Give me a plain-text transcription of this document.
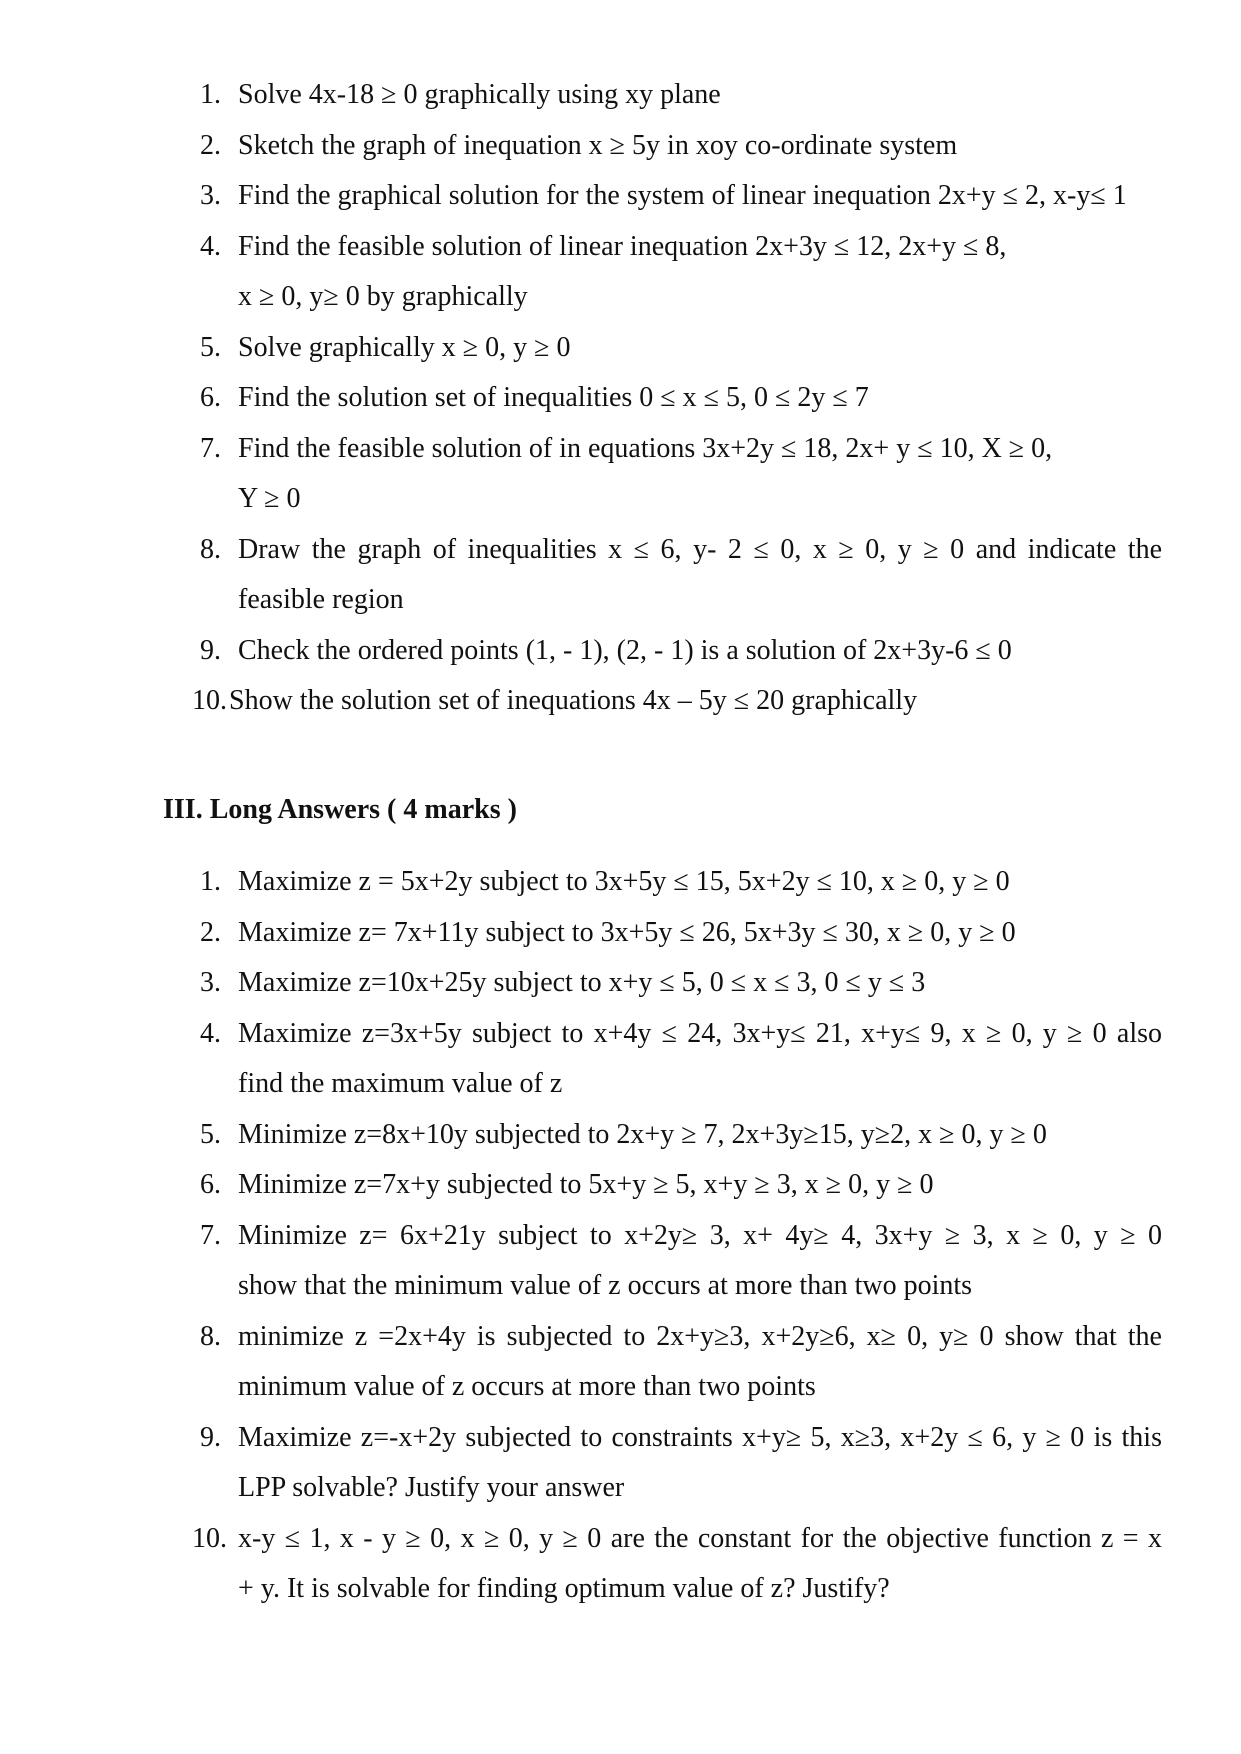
1. Solve 4x-18 ≥ 0 graphically using xy plane
2. Sketch the graph of inequation x ≥ 5y in xoy co-ordinate system
3. Find the graphical solution for the system of linear inequation 2x+y ≤ 2, x-y≤ 1
4. Find the feasible solution of linear inequation 2x+3y ≤ 12, 2x+y ≤ 8,
x ≥ 0, y≥ 0 by graphically
5. Solve graphically x ≥ 0, y ≥ 0
6. Find the solution set of inequalities 0 ≤ x ≤ 5, 0 ≤ 2y ≤ 7
7. Find the feasible solution of in equations 3x+2y ≤ 18, 2x+ y ≤ 10, X ≥ 0,
Y ≥ 0
8. Draw the graph of inequalities x ≤ 6, y- 2 ≤ 0, x ≥ 0, y ≥ 0 and indicate the
feasible region
9. Check the ordered points (1, - 1), (2, - 1) is a solution of 2x+3y-6 ≤ 0
10. Show the solution set of inequations 4x – 5y ≤ 20 graphically
III. Long Answers ( 4 marks )
1. Maximize z = 5x+2y subject to 3x+5y ≤ 15, 5x+2y ≤ 10, x ≥ 0, y ≥ 0
2. Maximize z= 7x+11y subject to 3x+5y ≤ 26, 5x+3y ≤ 30, x ≥ 0, y ≥ 0
3. Maximize z=10x+25y subject to x+y ≤ 5, 0 ≤ x ≤ 3, 0 ≤ y ≤ 3
4. Maximize z=3x+5y subject to x+4y ≤ 24, 3x+y≤ 21, x+y≤ 9, x ≥ 0, y ≥ 0 also
find the maximum value of z
5. Minimize z=8x+10y subjected to 2x+y ≥ 7, 2x+3y≥15, y≥2, x ≥ 0, y ≥ 0
6. Minimize z=7x+y subjected to 5x+y ≥ 5, x+y ≥ 3, x ≥ 0, y ≥ 0
7. Minimize z= 6x+21y subject to x+2y≥ 3, x+ 4y≥ 4, 3x+y ≥ 3, x ≥ 0, y ≥ 0
show that the minimum value of z occurs at more than two points
8. minimize z =2x+4y is subjected to 2x+y≥3, x+2y≥6, x≥ 0, y≥ 0 show that the
minimum value of z occurs at more than two points
9. Maximize z=-x+2y subjected to constraints x+y≥ 5, x≥3, x+2y ≤ 6, y ≥ 0 is this
LPP solvable? Justify your answer
10. x-y ≤ 1, x - y ≥ 0, x ≥ 0, y ≥ 0 are the constant for the objective function z = x
+ y. It is solvable for finding optimum value of z? Justify?
